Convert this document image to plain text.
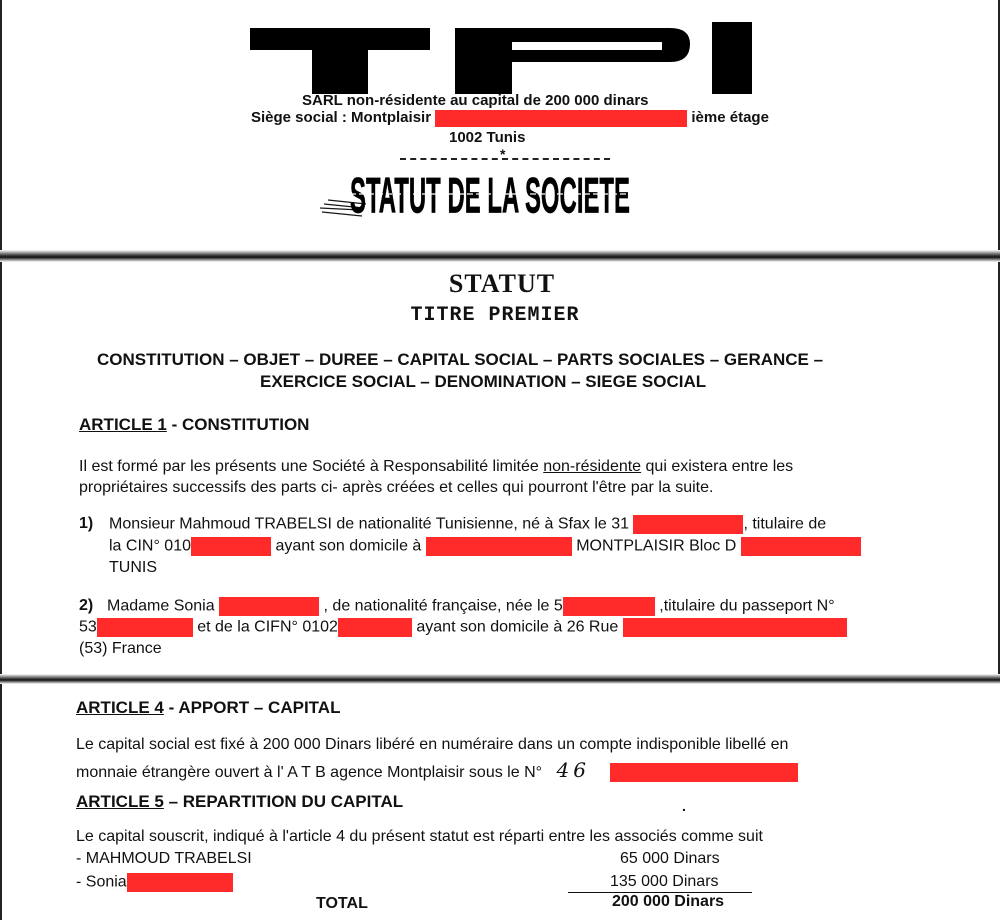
SARL non-résidente au capital de 200 000 dinars
Siège social : Montplaisir	ième étage
1002 Tunis
*
STATUT DE LA SOCIETE
STATUT
TITRE PREMIER
CONSTITUTION – OBJET – DUREE – CAPITAL SOCIAL – PARTS SOCIALES – GERANCE –
EXERCICE SOCIAL – DENOMINATION – SIEGE SOCIAL
ARTICLE 1 - CONSTITUTION
Il est formé par les présents une Société à Responsabilité limitée non-résidente qui existera entre les
propriétaires successifs des parts ci- après créées et celles qui pourront l'être par la suite.
1) Monsieur Mahmoud TRABELSI de nationalité Tunisienne, né à Sfax le 31	, titulaire de
la CIN° 010	ayant son domicile à	MONTPLAISIR Bloc D
TUNIS
2) Madame Sonia	, de nationalité française, née le 5	,titulaire du passeport N°
53	et de la CIFN° 0102	ayant son domicile à 26 Rue
(53) France
ARTICLE 4 - APPORT – CAPITAL
Le capital social est fixé à 200 000 Dinars libéré en numéraire dans un compte indisponible libellé en
monnaie étrangère ouvert à l' A T B agence Montplaisir sous le N° 46
ARTICLE 5 – REPARTITION DU CAPITAL	.
Le capital souscrit, indiqué à l'article 4 du présent statut est réparti entre les associés comme suit
- MAHMOUD TRABELSI	65 000 Dinars
- Sonia	135 000 Dinars
TOTAL	200 000 Dinars
